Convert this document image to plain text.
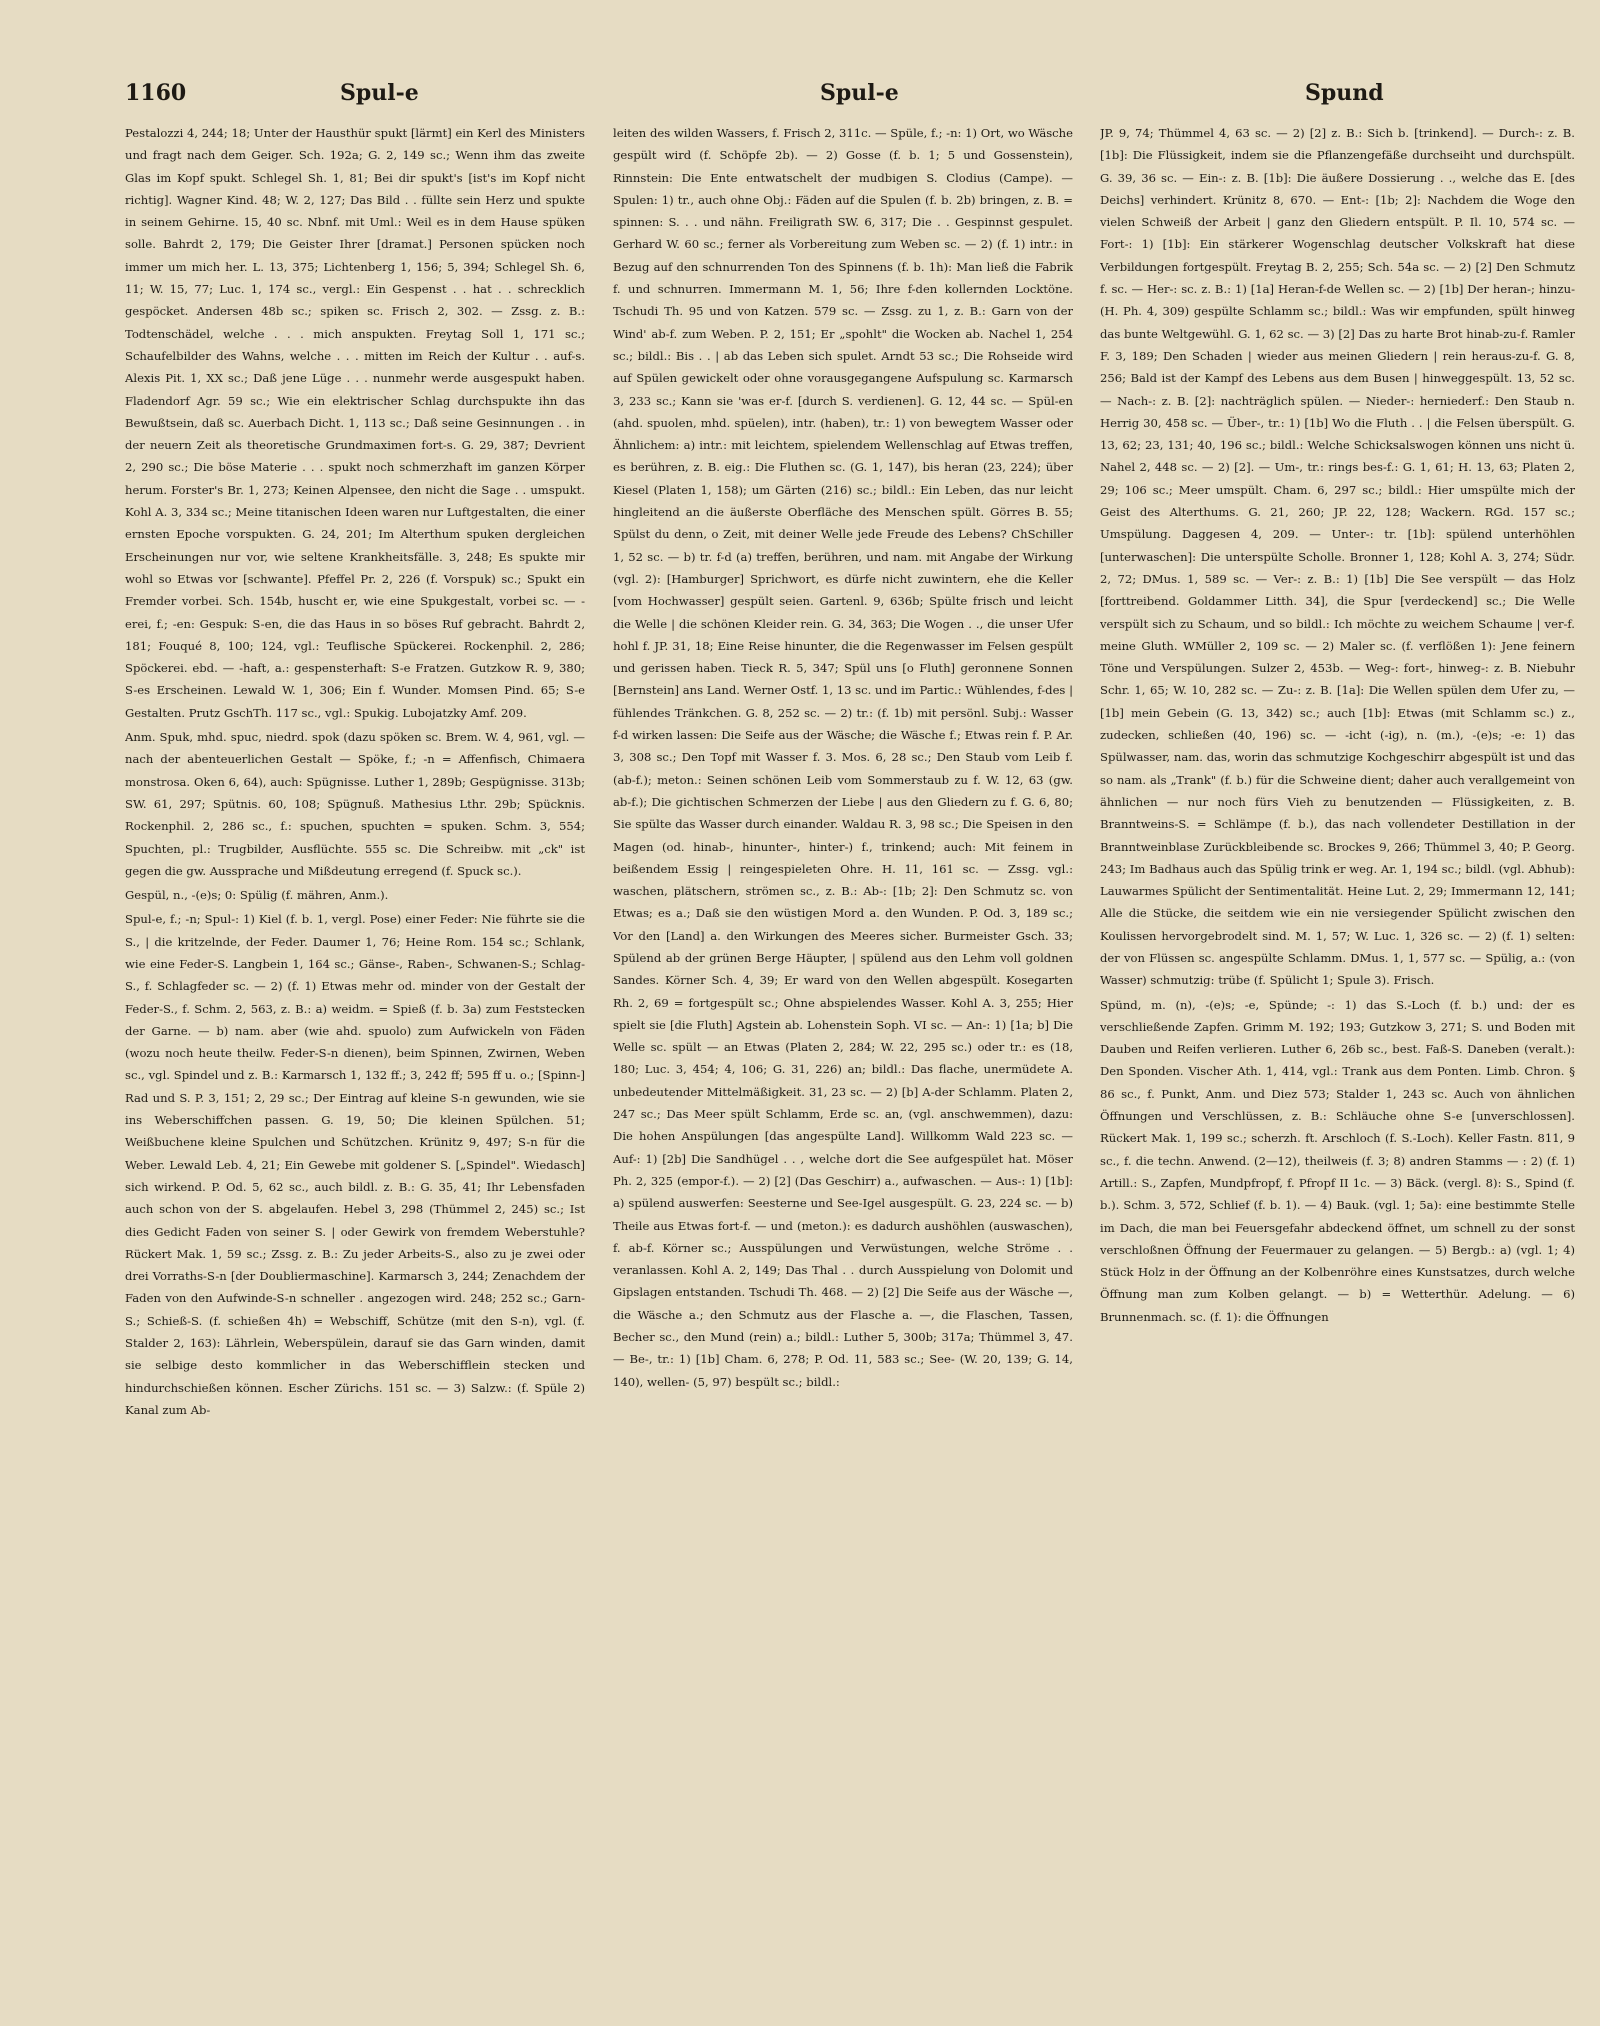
1160	Spul-e	Spul-e	Spund

Pestalozzi 4, 244; 18; Unter der Hausthür spukt [lärmt] ein Kerl des Ministers und fragt nach dem Geiger. Sch. 192a; G. 2, 149 sc.; Wenn ihm das zweite Glas im Kopf spukt. Schlegel Sh. 1, 81; Bei dir spukt's [ist's im Kopf nicht richtig]. Wagner Kind. 48; W. 2, 127; Das Bild . . füllte sein Herz und spukte in seinem Gehirne. 15, 40 sc. Nbnf. mit Uml.: Weil es in dem Hause spüken solle. Bahrdt 2, 179; Die Geister Ihrer [dramat.] Personen spücken noch immer um mich her. L. 13, 375; Lichtenberg 1, 156; 5, 394; Schlegel Sh. 6, 11; W. 15, 77; Luc. 1, 174 sc., vergl.: Ein Gespenst . . hat . . schrecklich gespöcket. Andersen 48b sc.; spiken sc. Frisch 2, 302. — Zssg. z. B.: Todtenschädel, welche . . . mich anspukten. Freytag Soll 1, 171 sc.; Schaufelbilder des Wahns, welche . . . mitten im Reich der Kultur . . auf-s. Alexis Pit. 1, XX sc.; Daß jene Lüge . . . nunmehr werde ausgespukt haben. Fladendorf Agr. 59 sc.; Wie ein elektrischer Schlag durchspukte ihn das Bewußtsein, daß sc. Auerbach Dicht. 1, 113 sc.; Daß seine Gesinnungen . . in der neuern Zeit als theoretische Grundmaximen fort-s. G. 29, 387; Devrient 2, 290 sc.; Die böse Materie . . . spukt noch schmerzhaft im ganzen Körper herum. Forster's Br. 1, 273; Keinen Alpensee, den nicht die Sage . . umspukt. Kohl A. 3, 334 sc.; Meine titanischen Ideen waren nur Luftgestalten, die einer ernsten Epoche vorspukten. G. 24, 201; Im Alterthum spuken dergleichen Erscheinungen nur vor, wie seltene Krankheitsfälle. 3, 248; Es spukte mir wohl so Etwas vor [schwante]. Pfeffel Pr. 2, 226 (f. Vorspuk) sc.; Spukt ein Fremder vorbei. Sch. 154b, huscht er, wie eine Spukgestalt, vorbei sc. — -erei, f.; -en: Gespuk: S-en, die das Haus in so böses Ruf gebracht. Bahrdt 2, 181; Fouqué 8, 100; 124, vgl.: Teuflische Spückerei. Rockenphil. 2, 286; Spöckerei. ebd. — -haft, a.: gespensterhaft: S-e Fratzen. Gutzkow R. 9, 380; S-es Erscheinen. Lewald W. 1, 306; Ein f. Wunder. Momsen Pind. 65; S-e Gestalten. Prutz GschTh. 117 sc., vgl.: Spukig. Lubojatzky Amf. 209.

Anm. Spuk, mhd. spuc, niedrd. spok (dazu spöken sc. Brem. W. 4, 961, vgl. — nach der abenteuerlichen Gestalt — Spöke, f.; -n = Affenfisch, Chimaera monstrosa. Oken 6, 64), auch: Spügnisse. Luther 1, 289b; Gespügnisse. 313b; SW. 61, 297; Spütnis. 60, 108; Spügnuß. Mathesius Lthr. 29b; Spücknis. Rockenphil. 2, 286 sc., f.: spuchen, spuchten = spuken. Schm. 3, 554; Spuchten, pl.: Trugbilder, Ausflüchte. 555 sc. Die Schreibw. mit „ck" ist gegen die gw. Aussprache und Mißdeutung erregend (f. Spuck sc.).

Gespül, n., -(e)s; 0: Spülig (f. mähren, Anm.).

Spul-e, f.; -n; Spul-: 1) Kiel (f. b. 1, vergl. Pose) einer Feder: Nie führte sie die S., | die kritzelnde, der Feder. Daumer 1, 76; Heine Rom. 154 sc.; Schlank, wie eine Feder-S. Langbein 1, 164 sc.; Gänse-, Raben-, Schwanen-S.; Schlag-S., f. Schlagfeder sc. — 2) (f. 1) Etwas mehr od. minder von der Gestalt der Feder-S., f. Schm. 2, 563, z. B.: a) weidm. = Spieß (f. b. 3a) zum Feststecken der Garne. — b) nam. aber (wie ahd. spuolo) zum Aufwickeln von Fäden (wozu noch heute theilw. Feder-S-n dienen), beim Spinnen, Zwirnen, Weben sc., vgl. Spindel und z. B.: Karmarsch 1, 132 ff.; 3, 242 ff; 595 ff u. o.; [Spinn-] Rad und S. P. 3, 151; 2, 29 sc.; Der Eintrag auf kleine S-n gewunden, wie sie ins Weberschiffchen passen. G. 19, 50; Die kleinen Spülchen. 51; Weißbuchene kleine Spulchen und Schützchen. Krünitz 9, 497; S-n für die Weber. Lewald Leb. 4, 21; Ein Gewebe mit goldener S. [„Spindel". Wiedasch] sich wirkend. P. Od. 5, 62 sc., auch bildl. z. B.: G. 35, 41; Ihr Lebensfaden auch schon von der S. abgelaufen. Hebel 3, 298 (Thümmel 2, 245) sc.; Ist dies Gedicht Faden von seiner S. | oder Gewirk von fremdem Weberstuhle? Rückert Mak. 1, 59 sc.; Zssg. z. B.: Zu jeder Arbeits-S., also zu je zwei oder drei Vorraths-S-n [der Doubliermaschine]. Karmarsch 3, 244; Zenachdem der Faden von den Aufwinde-S-n schneller . angezogen wird. 248; 252 sc.; Garn-S.; Schieß-S. (f. schießen 4h) = Webschiff, Schütze (mit den S-n), vgl. (f. Stalder 2, 163): Lährlein, Weberspülein, darauf sie das Garn winden, damit sie selbige desto kommlicher in das Weberschifflein stecken und hindurchschießen können. Escher Zürichs. 151 sc. — 3) Salzw.: (f. Spüle 2) Kanal zum Ab-

leiten des wilden Wassers, f. Frisch 2, 311c. — Spüle, f.; -n: 1) Ort, wo Wäsche gespült wird (f. Schöpfe 2b). — 2) Gosse (f. b. 1; 5 und Gossenstein), Rinnstein: Die Ente entwatschelt der mudbigen S. Clodius (Campe). — Spulen: 1) tr., auch ohne Obj.: Fäden auf die Spulen (f. b. 2b) bringen, z. B. = spinnen: S. . . und nähn. Freiligrath SW. 6, 317; Die . . Gespinnst gespulet. Gerhard W. 60 sc.; ferner als Vorbereitung zum Weben sc. — 2) (f. 1) intr.: in Bezug auf den schnurrenden Ton des Spinnens (f. b. 1h): Man ließ die Fabrik f. und schnurren. Immermann M. 1, 56; Ihre f-den kollernden Locktöne. Tschudi Th. 95 und von Katzen. 579 sc. — Zssg. zu 1, z. B.: Garn von der Wind' ab-f. zum Weben. P. 2, 151; Er „spohlt" die Wocken ab. Nachel 1, 254 sc.; bildl.: Bis . . | ab das Leben sich spulet. Arndt 53 sc.; Die Rohseide wird auf Spülen gewickelt oder ohne vorausgegangene Aufspulung sc. Karmarsch 3, 233 sc.; Kann sie 'was er-f. [durch S. verdienen]. G. 12, 44 sc. — Spül-en (ahd. spuolen, mhd. spüelen), intr. (haben), tr.: 1) von bewegtem Wasser oder Ähnlichem: a) intr.: mit leichtem, spielendem Wellenschlag auf Etwas treffen, es berühren, z. B. eig.: Die Fluthen sc. (G. 1, 147), bis heran (23, 224); über Kiesel (Platen 1, 158); um Gärten (216) sc.; bildl.: Ein Leben, das nur leicht hingleitend an die äußerste Oberfläche des Menschen spült. Görres B. 55; Spülst du denn, o Zeit, mit deiner Welle jede Freude des Lebens? ChSchiller 1, 52 sc. — b) tr. f-d (a) treffen, berühren, und nam. mit Angabe der Wirkung (vgl. 2): [Hamburger] Sprichwort, es dürfe nicht zuwintern, ehe die Keller [vom Hochwasser] gespült seien. Gartenl. 9, 636b; Spülte frisch und leicht die Welle | die schönen Kleider rein. G. 34, 363; Die Wogen . ., die unser Ufer hohl f. JP. 31, 18; Eine Reise hinunter, die die Regenwasser im Felsen gespült und gerissen haben. Tieck R. 5, 347; Spül uns [o Fluth] geronnene Sonnen [Bernstein] ans Land. Werner Ostf. 1, 13 sc. und im Partic.: Wühlendes, f-des | fühlendes Tränkchen. G. 8, 252 sc. — 2) tr.: (f. 1b) mit persönl. Subj.: Wasser f-d wirken lassen: Die Seife aus der Wäsche; die Wäsche f.; Etwas rein f. P. Ar. 3, 308 sc.; Den Topf mit Wasser f. 3. Mos. 6, 28 sc.; Den Staub vom Leib f. (ab-f.); meton.: Seinen schönen Leib vom Sommerstaub zu f. W. 12, 63 (gw. ab-f.); Die gichtischen Schmerzen der Liebe | aus den Gliedern zu f. G. 6, 80; Sie spülte das Wasser durch einander. Waldau R. 3, 98 sc.; Die Speisen in den Magen (od. hinab-, hinunter-, hinter-) f., trinkend; auch: Mit feinem in beißendem Essig | reingespieleten Ohre. H. 11, 161 sc. — Zssg. vgl.: waschen, plätschern, strömen sc., z. B.: Ab-: [1b; 2]: Den Schmutz sc. von Etwas; es a.; Daß sie den wüstigen Mord a. den Wunden. P. Od. 3, 189 sc.; Vor den [Land] a. den Wirkungen des Meeres sicher. Burmeister Gsch. 33; Spülend ab der grünen Berge Häupter, | spülend aus den Lehm voll goldnen Sandes. Körner Sch. 4, 39; Er ward von den Wellen abgespült. Kosegarten Rh. 2, 69 = fortgespült sc.; Ohne abspielendes Wasser. Kohl A. 3, 255; Hier spielt sie [die Fluth] Agstein ab. Lohenstein Soph. VI sc. — An-: 1) [1a; b] Die Welle sc. spült — an Etwas (Platen 2, 284; W. 22, 295 sc.) oder tr.: es (18, 180; Luc. 3, 454; 4, 106; G. 31, 226) an; bildl.: Das flache, unermüdete A. unbedeutender Mittelmäßigkeit. 31, 23 sc. — 2) [b] A-der Schlamm. Platen 2, 247 sc.; Das Meer spült Schlamm, Erde sc. an, (vgl. anschwemmen), dazu: Die hohen Anspülungen [das angespülte Land]. Willkomm Wald 223 sc. — Auf-: 1) [2b] Die Sandhügel . . , welche dort die See aufgespület hat. Möser Ph. 2, 325 (empor-f.). — 2) [2] (Das Geschirr) a., aufwaschen. — Aus-: 1) [1b]: a) spülend auswerfen: Seesterne und See-Igel ausgespült. G. 23, 224 sc. — b) Theile aus Etwas fort-f. — und (meton.): es dadurch aushöhlen (auswaschen), f. ab-f. Körner sc.; Ausspülungen und Verwüstungen, welche Ströme . . veranlassen. Kohl A. 2, 149; Das Thal . . durch Ausspielung von Dolomit und Gipslagen entstanden. Tschudi Th. 468. — 2) [2] Die Seife aus der Wäsche —, die Wäsche a.; den Schmutz aus der Flasche a. —, die Flaschen, Tassen, Becher sc., den Mund (rein) a.; bildl.: Luther 5, 300b; 317a; Thümmel 3, 47. — Be-, tr.: 1) [1b] Cham. 6, 278; P. Od. 11, 583 sc.; See- (W. 20, 139; G. 14, 140), wellen- (5, 97) bespült sc.; bildl.:

JP. 9, 74; Thümmel 4, 63 sc. — 2) [2] z. B.: Sich b. [trinkend]. — Durch-: z. B. [1b]: Die Flüssigkeit, indem sie die Pflanzengefäße durchseiht und durchspült. G. 39, 36 sc. — Ein-: z. B. [1b]: Die äußere Dossierung . ., welche das E. [des Deichs] verhindert. Krünitz 8, 670. — Ent-: [1b; 2]: Nachdem die Woge den vielen Schweiß der Arbeit | ganz den Gliedern entspült. P. Il. 10, 574 sc. — Fort-: 1) [1b]: Ein stärkerer Wogenschlag deutscher Volkskraft hat diese Verbildungen fortgespült. Freytag B. 2, 255; Sch. 54a sc. — 2) [2] Den Schmutz f. sc. — Her-: sc. z. B.: 1) [1a] Heran-f-de Wellen sc. — 2) [1b] Der heran-; hinzu- (H. Ph. 4, 309) gespülte Schlamm sc.; bildl.: Was wir empfunden, spült hinweg das bunte Weltgewühl. G. 1, 62 sc. — 3) [2] Das zu harte Brot hinab-zu-f. Ramler F. 3, 189; Den Schaden | wieder aus meinen Gliedern | rein heraus-zu-f. G. 8, 256; Bald ist der Kampf des Lebens aus dem Busen | hinweggespült. 13, 52 sc. — Nach-: z. B. [2]: nachträglich spülen. — Nieder-: herniederf.: Den Staub n. Herrig 30, 458 sc. — Über-, tr.: 1) [1b] Wo die Fluth . . | die Felsen überspült. G. 13, 62; 23, 131; 40, 196 sc.; bildl.: Welche Schicksalswogen können uns nicht ü. Nahel 2, 448 sc. — 2) [2]. — Um-, tr.: rings bes-f.: G. 1, 61; H. 13, 63; Platen 2, 29; 106 sc.; Meer umspült. Cham. 6, 297 sc.; bildl.: Hier umspülte mich der Geist des Alterthums. G. 21, 260; JP. 22, 128; Wackern. RGd. 157 sc.; Umspülung. Daggesen 4, 209. — Unter-: tr. [1b]: spülend unterhöhlen [unterwaschen]: Die unterspülte Scholle. Bronner 1, 128; Kohl A. 3, 274; Südr. 2, 72; DMus. 1, 589 sc. — Ver-: z. B.: 1) [1b] Die See verspült — das Holz [forttreibend. Goldammer Litth. 34], die Spur [verdeckend] sc.; Die Welle verspült sich zu Schaum, und so bildl.: Ich möchte zu weichem Schaume | ver-f. meine Gluth. WMüller 2, 109 sc. — 2) Maler sc. (f. verflößen 1): Jene feinern Töne und Verspülungen. Sulzer 2, 453b. — Weg-: fort-, hinweg-: z. B. Niebuhr Schr. 1, 65; W. 10, 282 sc. — Zu-: z. B. [1a]: Die Wellen spülen dem Ufer zu, — [1b] mein Gebein (G. 13, 342) sc.; auch [1b]: Etwas (mit Schlamm sc.) z., zudecken, schließen (40, 196) sc. — -icht (-ig), n. (m.), -(e)s; -e: 1) das Spülwasser, nam. das, worin das schmutzige Kochgeschirr abgespült ist und das so nam. als „Trank" (f. b.) für die Schweine dient; daher auch verallgemeint von ähnlichen — nur noch fürs Vieh zu benutzenden — Flüssigkeiten, z. B. Branntweins-S. = Schlämpe (f. b.), das nach vollendeter Destillation in der Branntweinblase Zurückbleibende sc. Brockes 9, 266; Thümmel 3, 40; P. Georg. 243; Im Badhaus auch das Spülig trink er weg. Ar. 1, 194 sc.; bildl. (vgl. Abhub): Lauwarmes Spülicht der Sentimentalität. Heine Lut. 2, 29; Immermann 12, 141; Alle die Stücke, die seitdem wie ein nie versiegender Spülicht zwischen den Koulissen hervorgebrodelt sind. M. 1, 57; W. Luc. 1, 326 sc. — 2) (f. 1) selten: der von Flüssen sc. angespülte Schlamm. DMus. 1, 1, 577 sc. — Spülig, a.: (von Wasser) schmutzig: trübe (f. Spülicht 1; Spule 3). Frisch.

Spünd, m. (n), -(e)s; -e, Spünde; -: 1) das S.-Loch (f. b.) und: der es verschließende Zapfen. Grimm M. 192; 193; Gutzkow 3, 271; S. und Boden mit Dauben und Reifen verlieren. Luther 6, 26b sc., best. Faß-S. Daneben (veralt.): Den Sponden. Vischer Ath. 1, 414, vgl.: Trank aus dem Ponten. Limb. Chron. § 86 sc., f. Punkt, Anm. und Diez 573; Stalder 1, 243 sc. Auch von ähnlichen Öffnungen und Verschlüssen, z. B.: Schläuche ohne S-e [unverschlossen]. Rückert Mak. 1, 199 sc.; scherzh. ft. Arschloch (f. S.-Loch). Keller Fastn. 811, 9 sc., f. die techn. Anwend. (2—12), theilweis (f. 3; 8) andren Stamms — : 2) (f. 1) Artill.: S., Zapfen, Mundpfropf, f. Pfropf II 1c. — 3) Bäck. (vergl. 8): S., Spind (f. b.). Schm. 3, 572, Schlief (f. b. 1). — 4) Bauk. (vgl. 1; 5a): eine bestimmte Stelle im Dach, die man bei Feuersgefahr abdeckend öffnet, um schnell zu der sonst verschloßnen Öffnung der Feuermauer zu gelangen. — 5) Bergb.: a) (vgl. 1; 4) Stück Holz in der Öffnung an der Kolbenröhre eines Kunstsatzes, durch welche Öffnung man zum Kolben gelangt. — b) = Wetterthür. Adelung. — 6) Brunnenmach. sc. (f. 1): die Öffnungen
